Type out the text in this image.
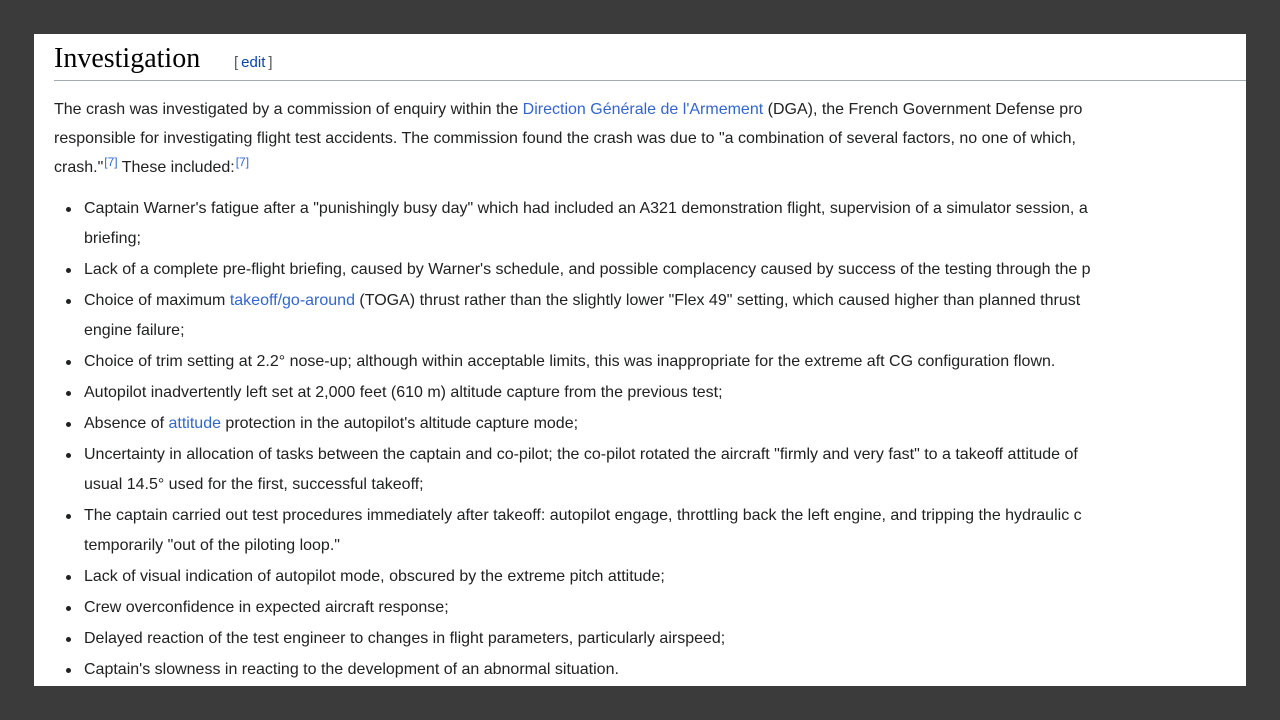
Investigation [ edit ]

The crash was investigated by a commission of enquiry within the Direction Générale de l'Armement (DGA), the French Government Defense pro
responsible for investigating flight test accidents. The commission found the crash was due to "a combination of several factors, no one of which,
crash."[7] These included:[7]

Captain Warner's fatigue after a "punishingly busy day" which had included an A321 demonstration flight, supervision of a simulator session, a
briefing;
Lack of a complete pre-flight briefing, caused by Warner's schedule, and possible complacency caused by success of the testing through the p
Choice of maximum takeoff/go-around (TOGA) thrust rather than the slightly lower "Flex 49" setting, which caused higher than planned thrust
engine failure;
Choice of trim setting at 2.2° nose-up; although within acceptable limits, this was inappropriate for the extreme aft CG configuration flown.
Autopilot inadvertently left set at 2,000 feet (610 m) altitude capture from the previous test;
Absence of attitude protection in the autopilot's altitude capture mode;
Uncertainty in allocation of tasks between the captain and co-pilot; the co-pilot rotated the aircraft "firmly and very fast" to a takeoff attitude of
usual 14.5° used for the first, successful takeoff;
The captain carried out test procedures immediately after takeoff: autopilot engage, throttling back the left engine, and tripping the hydraulic c
temporarily "out of the piloting loop."
Lack of visual indication of autopilot mode, obscured by the extreme pitch attitude;
Crew overconfidence in expected aircraft response;
Delayed reaction of the test engineer to changes in flight parameters, particularly airspeed;
Captain's slowness in reacting to the development of an abnormal situation.
